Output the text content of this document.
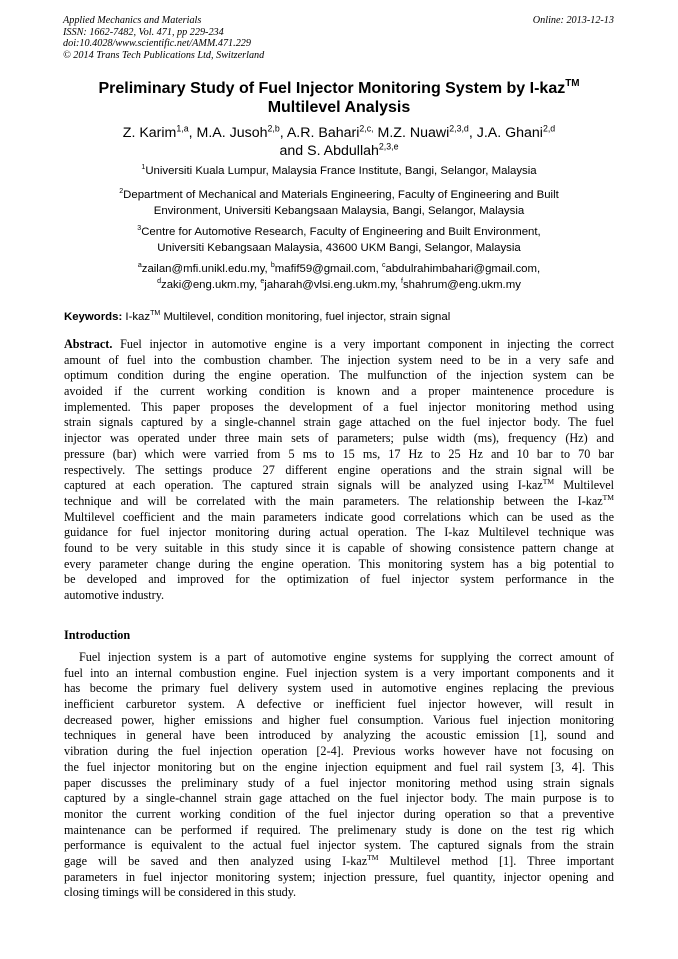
Applied Mechanics and Materials
ISSN: 1662-7482, Vol. 471, pp 229-234
doi:10.4028/www.scientific.net/AMM.471.229
© 2014 Trans Tech Publications Ltd, Switzerland
Online: 2013-12-13
Preliminary Study of Fuel Injector Monitoring System by I-kaz™
Multilevel Analysis
Z. Karim$^{1,a}$, M.A. Jusoh$^{2,b}$, A.R. Bahari$^{2,c,}$ M.Z. Nuawi$^{2,3,d}$, J.A. Ghani$^{2,d}$
and S. Abdullah$^{2,3,e}$
$^1$Universiti Kuala Lumpur, Malaysia France Institute, Bangi, Selangor, Malaysia
$^2$Department of Mechanical and Materials Engineering, Faculty of Engineering and Built
Environment, Universiti Kebangsaan Malaysia, Bangi, Selangor, Malaysia
$^3$Centre for Automotive Research, Faculty of Engineering and Built Environment,
Universiti Kebangsaan Malaysia, 43600 UKM Bangi, Selangor, Malaysia
$^a$zailan@mfi.unikl.edu.my, $^b$mafif59@gmail.com, $^c$abdulrahimbahari@gmail.com,
$^d$zaki@eng.ukm.my, $^e$jaharah@vlsi.eng.ukm.my, $^f$shahrum@eng.ukm.my
Keywords: I-kaz™ Multilevel, condition monitoring, fuel injector, strain signal
Abstract. Fuel injector in automotive engine is a very important component in injecting the correct
amount of fuel into the combustion chamber. The injection system need to be in a very safe and
optimum condition during the engine operation. The mulfunction of the injection system can be
avoided if the current working condition is known and a proper maintenence procedure is
implemented. This paper proposes the development of a fuel injector monitoring method using
strain signals captured by a single-channel strain gage attached on the fuel injector body. The fuel
injector was operated under three main sets of parameters; pulse width (ms), frequency (Hz) and
pressure (bar) which were varried from 5 ms to 15 ms, 17 Hz to 25 Hz and 10 bar to 70 bar
respectively. The settings produce 27 different engine operations and the strain signal will be
captured at each operation. The captured strain signals will be analyzed using I-kaz™ Multilevel
technique and will be correlated with the main parameters. The relationship between the I-kaz™
Multilevel coefficient and the main parameters indicate good correlations which can be used as the
guidance for fuel injector monitoring during actual operation. The I-kaz Multilevel technique was
found to be very suitable in this study since it is capable of showing consistence pattern change at
every parameter change during the engine operation. This monitoring system has a big potential to
be developed and improved for the optimization of fuel injector system performance in the
automotive industry.
Introduction
Fuel injection system is a part of automotive engine systems for supplying the correct amount of
fuel into an internal combustion engine. Fuel injection system is a very important components and it
has become the primary fuel delivery system used in automotive engines replacing the previous
inefficient carburetor system. A defective or inefficient fuel injector however, will result in
decreased power, higher emissions and higher fuel consumption. Various fuel injection monitoring
techniques in general have been introduced by analyzing the acoustic emission [1], sound and
vibration during the fuel injection operation [2-4]. Previous works however have not focusing on
the fuel injector monitoring but on the engine injection equipment and fuel rail system [3, 4]. This
paper discusses the preliminary study of a fuel injector monitoring method using strain signals
captured by a single-channel strain gage attached on the fuel injector body. The main purpose is to
monitor the current working condition of the fuel injector during operation so that a preventive
maintenance can be performed if required. The prelimenary study is done on the test rig which
performance is equivalent to the actual fuel injector system. The captured signals from the strain
gage will be saved and then analyzed using I-kaz™ Multilevel method [1]. Three important
parameters in fuel injector monitoring system; injection pressure, fuel quantity, injector opening and
closing timings will be considered in this study.
